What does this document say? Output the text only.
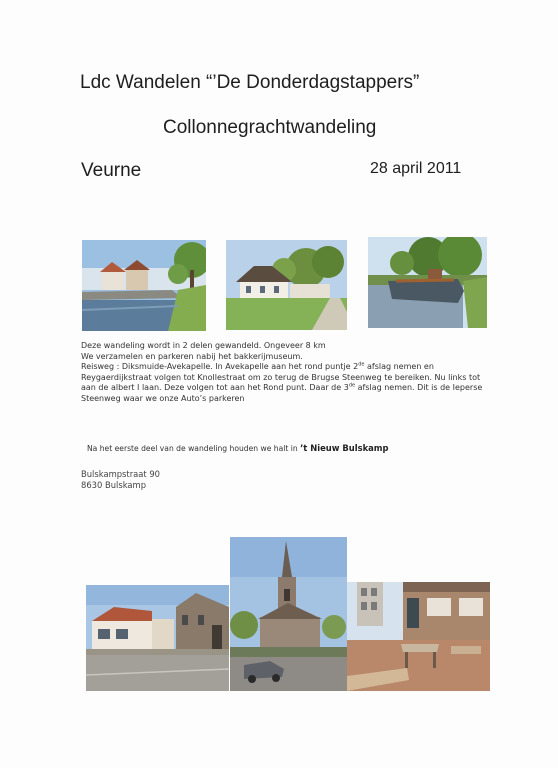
Ldc Wandelen “’De Donderdagstappers”
Collonnegrachtwandeling
Veurne	28 april 2011

Deze wandeling wordt in 2 delen gewandeld. Ongeveer 8 km

We verzamelen en parkeren nabij het bakkerijmuseum.

Reisweg : Diksmuide-Avekapelle. In Avekapelle aan het rond puntje 2de afslag nemen en

Reygaerdijkstraat volgen tot Knollestraat om zo terug de Brugse Steenweg te bereiken. Nu links tot

aan de albert I laan. Deze volgen tot aan het Rond punt. Daar de 3de afslag nemen. Dit is de Ieperse

Steenweg waar we onze Auto’s parkeren

Na het eerste deel van de wandeling houden we halt in ’t Nieuw Bulskamp
Bulskampstraat 90
8630 Bulskamp
